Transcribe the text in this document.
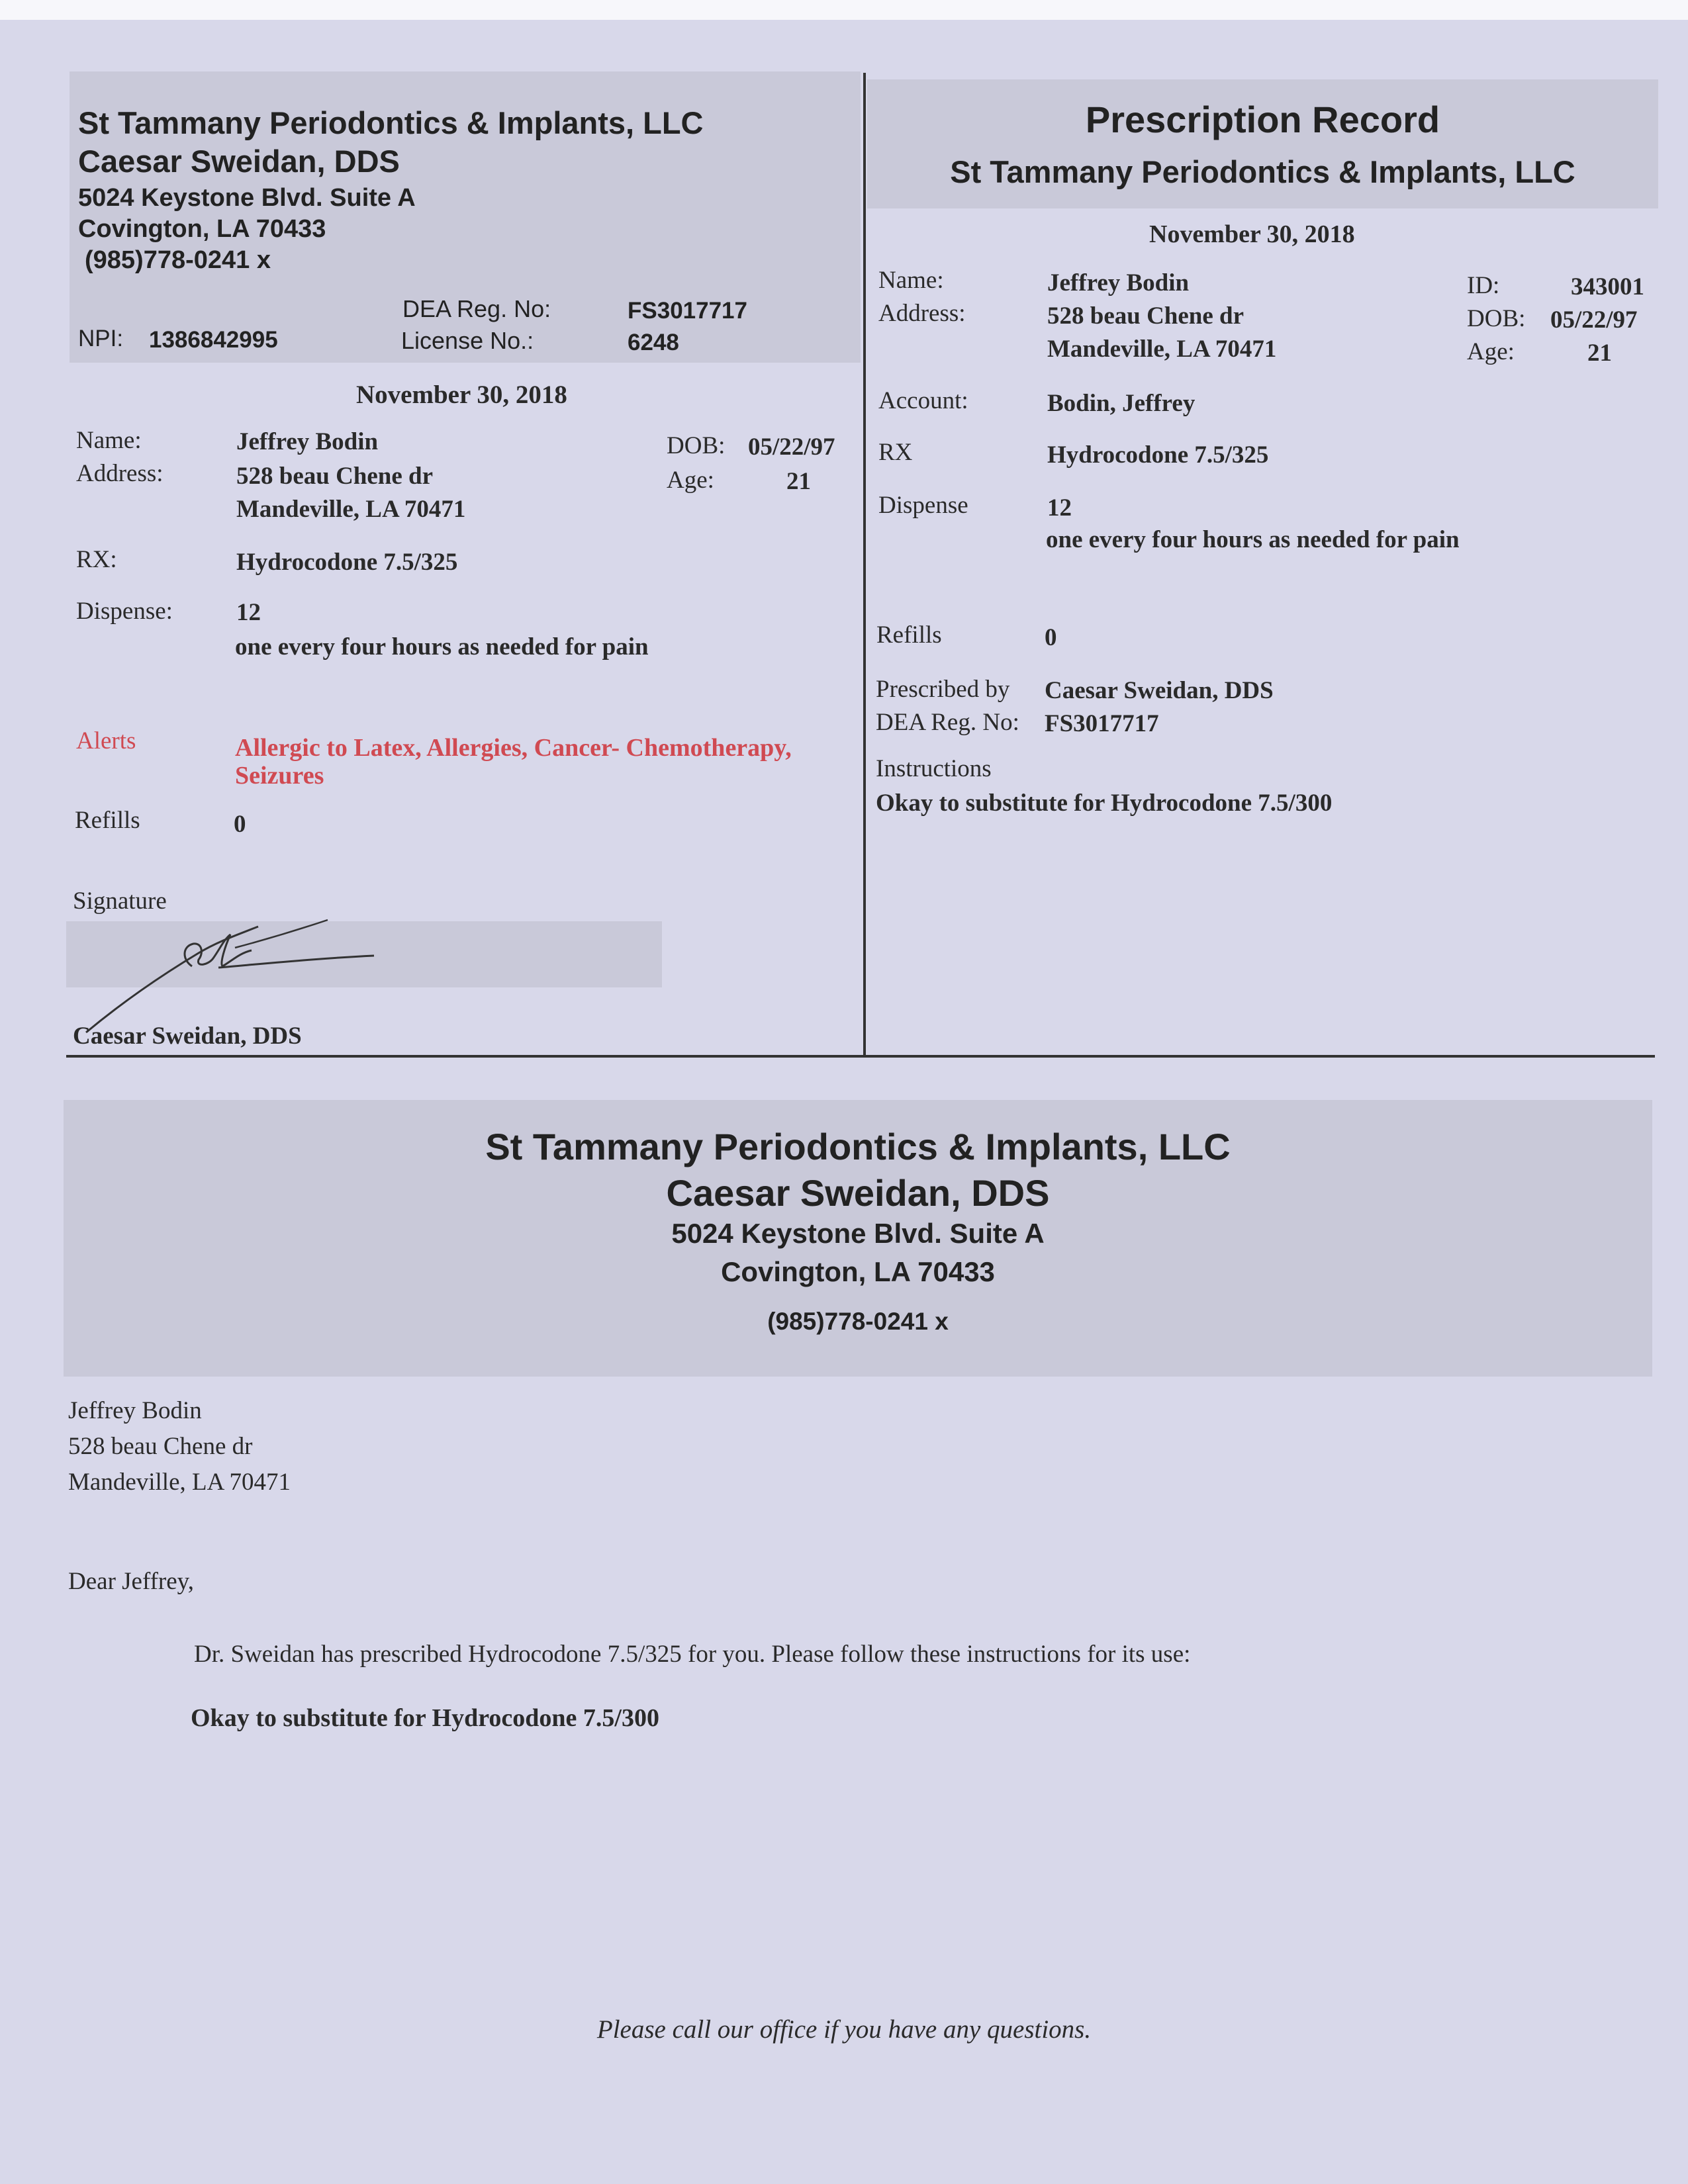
St Tammany Periodontics & Implants, LLC
Caesar Sweidan, DDS
5024 Keystone Blvd. Suite A
Covington, LA 70433
(985)778-0241 x
DEA Reg. No:	FS3017717
NPI: 1386842995	License No.:	6248
November 30, 2018
Name:	Jeffrey Bodin
Address:	528 beau Chene dr
Mandeville, LA 70471
DOB: 05/22/97
Age:	21
RX:	Hydrocodone 7.5/325
Dispense:	12
one every four hours as needed for pain
Alerts	Allergic to Latex, Allergies, Cancer- Chemotherapy,
Seizures
Refills	0
Signature
Caesar Sweidan, DDS
Prescription Record
St Tammany Periodontics & Implants, LLC
November 30, 2018
Name:	Jeffrey Bodin
Address:	528 beau Chene dr
Mandeville, LA 70471
ID:	343001
DOB: 05/22/97
Age:	21
Account:	Bodin, Jeffrey
RX	Hydrocodone 7.5/325
Dispense	12
one every four hours as needed for pain
Refills	0
Prescribed by Caesar Sweidan, DDS
DEA Reg. No: FS3017717
Instructions
Okay to substitute for Hydrocodone 7.5/300
St Tammany Periodontics & Implants, LLC
Caesar Sweidan, DDS
5024 Keystone Blvd. Suite A
Covington, LA 70433
(985)778-0241 x
Jeffrey Bodin
528 beau Chene dr
Mandeville, LA 70471
Dear Jeffrey,
Dr. Sweidan has prescribed Hydrocodone 7.5/325 for you. Please follow these instructions for its use:
Okay to substitute for Hydrocodone 7.5/300
Please call our office if you have any questions.
